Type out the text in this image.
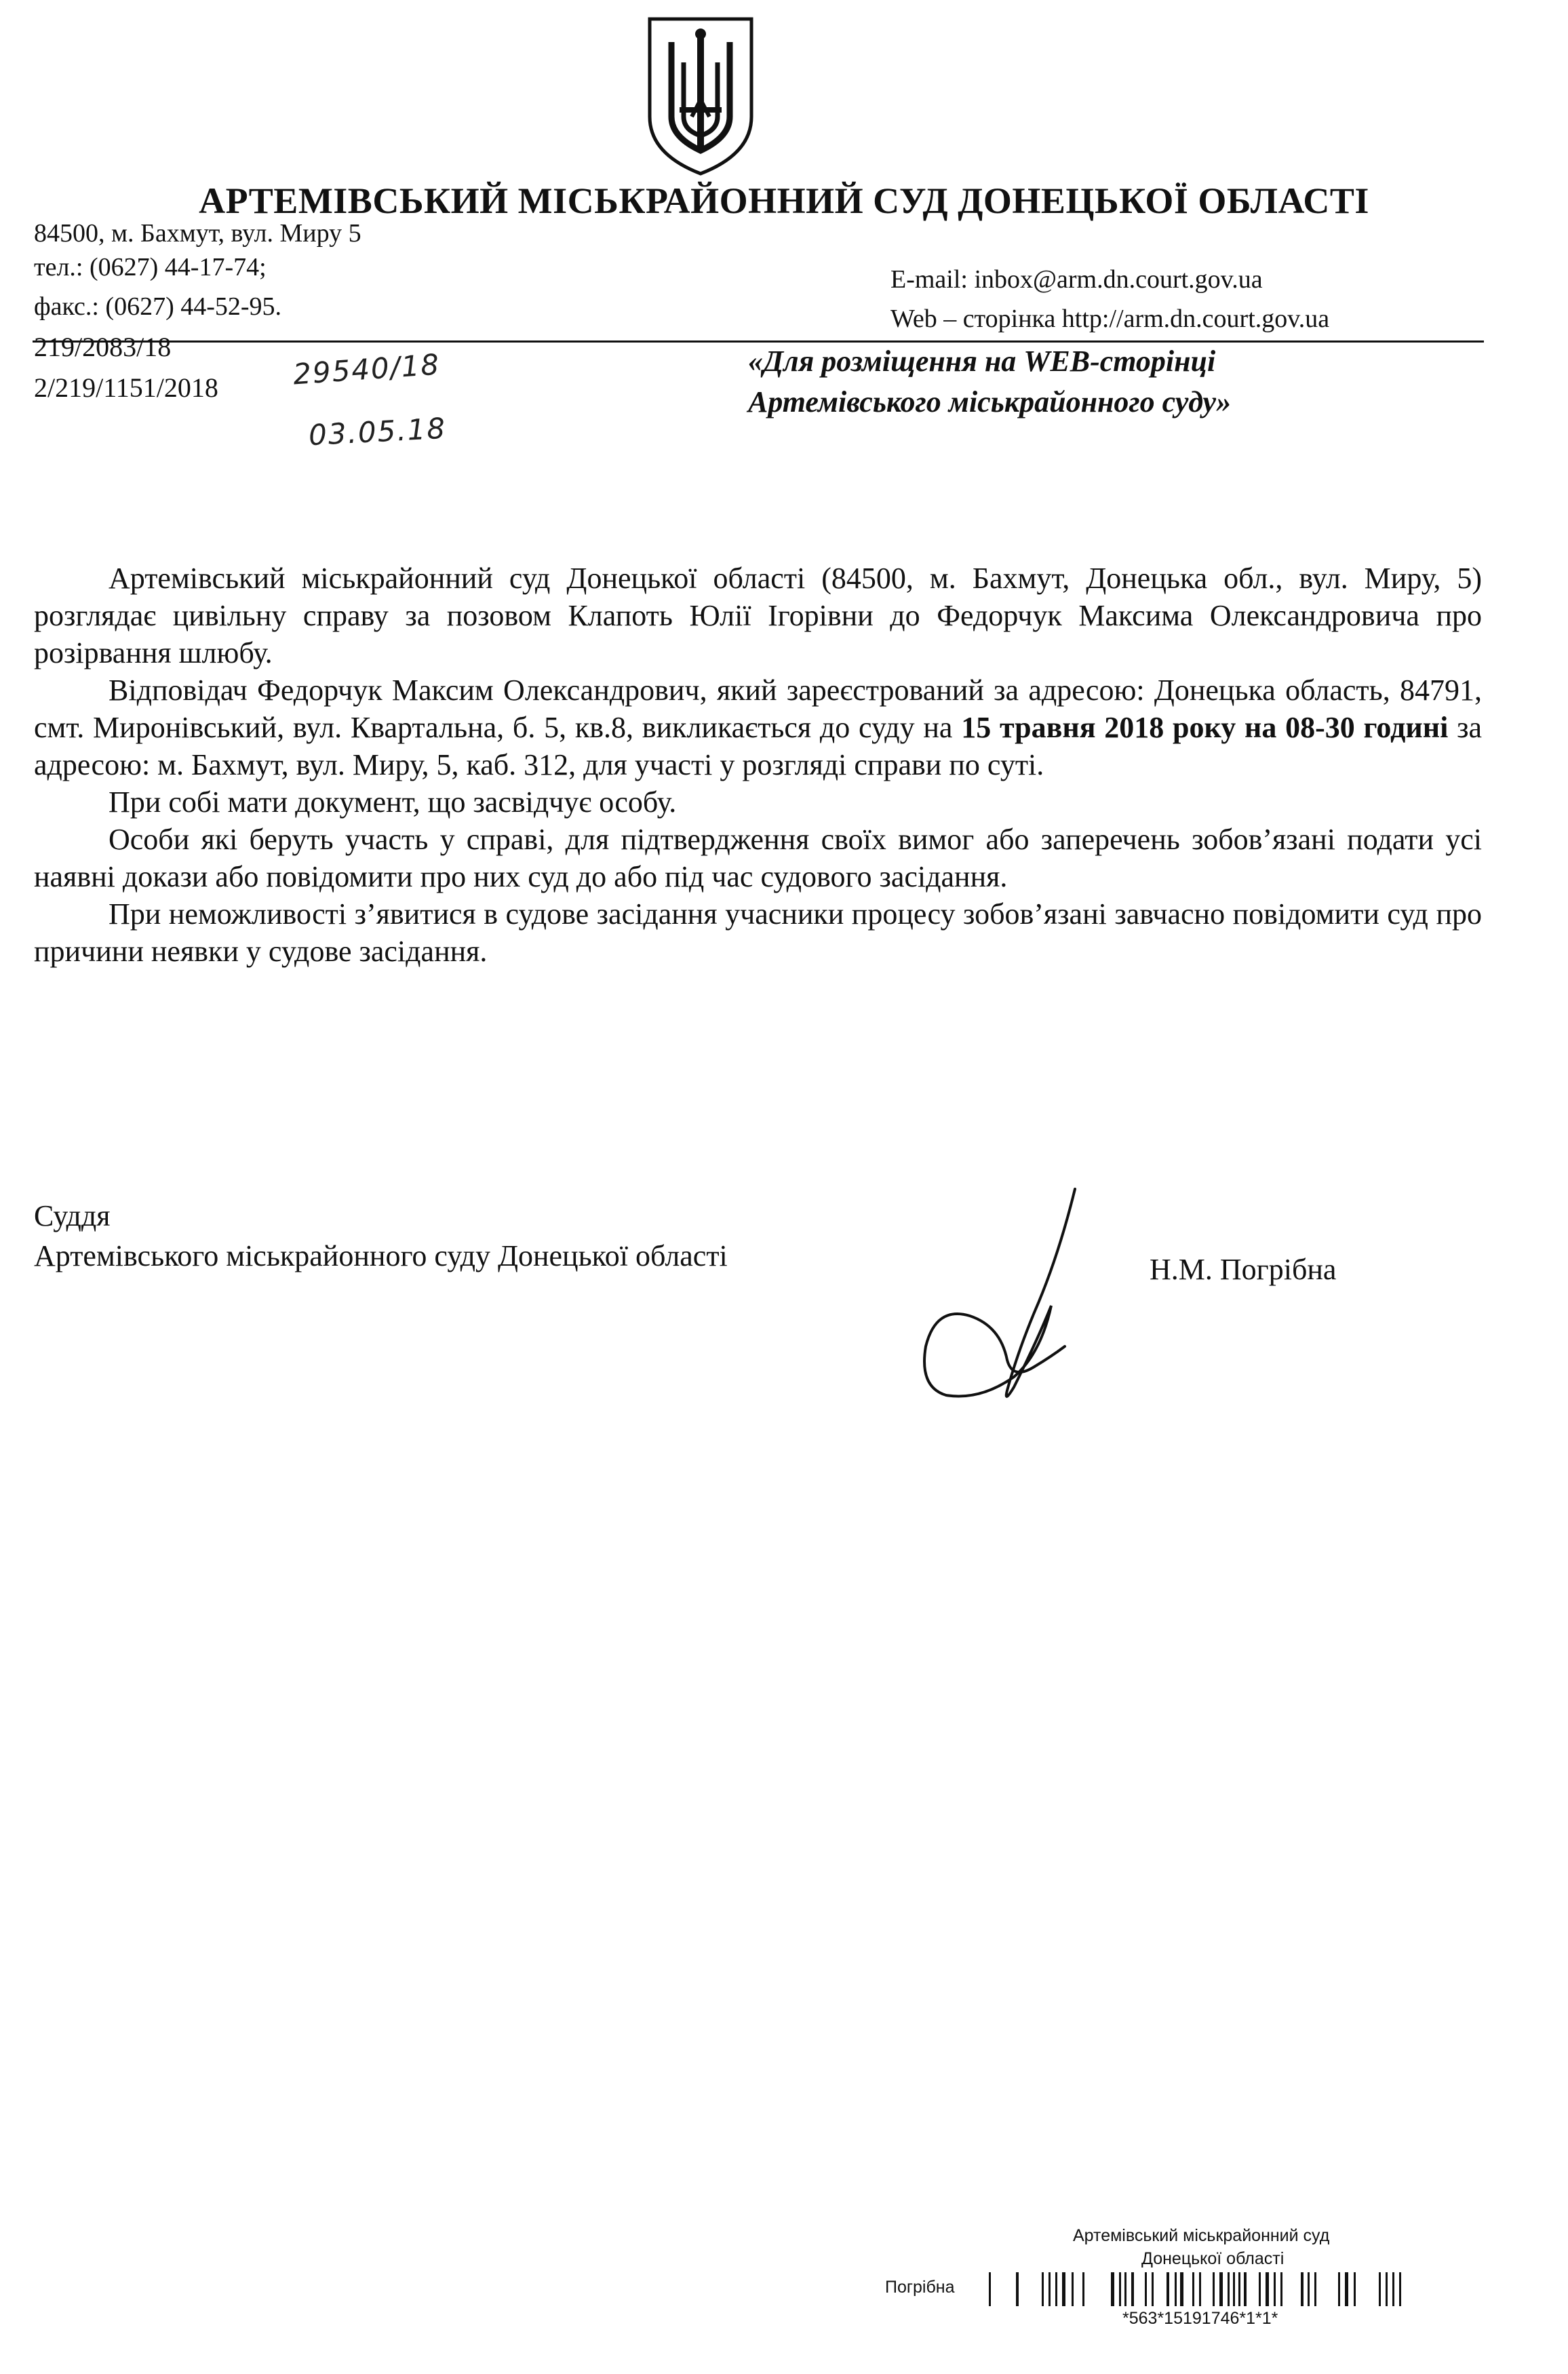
АРТЕМІВСЬКИЙ МІСЬКРАЙОННИЙ СУД ДОНЕЦЬКОЇ ОБЛАСТІ
84500, м. Бахмут, вул. Миру 5
тел.: (0627) 44-17-74;
факс.: (0627) 44-52-95.
E-mail: inbox@arm.dn.court.gov.ua
Web – сторінка http://arm.dn.court.gov.ua
219/2083/18
2/219/1151/2018	29540/18
03.05.18
«Для розміщення на WEB-сторінці
Артемівського міськрайонного суду»

Артемівський міськрайонний суд Донецької області (84500, м. Бахмут, Донецька обл., вул. Миру, 5) розглядає цивільну справу за позовом Клапоть Юлії Ігорівни до Федорчук Максима Олександровича про розірвання шлюбу.

Відповідач Федорчук Максим Олександрович, який зареєстрований за адресою: Донецька область, 84791, смт. Миронівський, вул. Квартальна, б. 5, кв.8, викликається до суду на 15 травня 2018 року на 08-30 годині за адресою: м. Бахмут, вул. Миру, 5, каб. 312, для участі у розгляді справи по суті.

При собі мати документ, що засвідчує особу.

Особи які беруть участь у справі, для підтвердження своїх вимог або заперечень зобов’язані подати усі наявні докази або повідомити про них суд до або під час судового засідання.

При неможливості з’явитися в судове засідання учасники процесу зобов’язані завчасно повідомити суд про причини неявки у судове засідання.

Суддя
Артемівського міськрайонного суду Донецької області	Н.М. Погрібна
Артемівський міськрайонний суд
Донецької області
Погрібна
*563*15191746*1*1*
